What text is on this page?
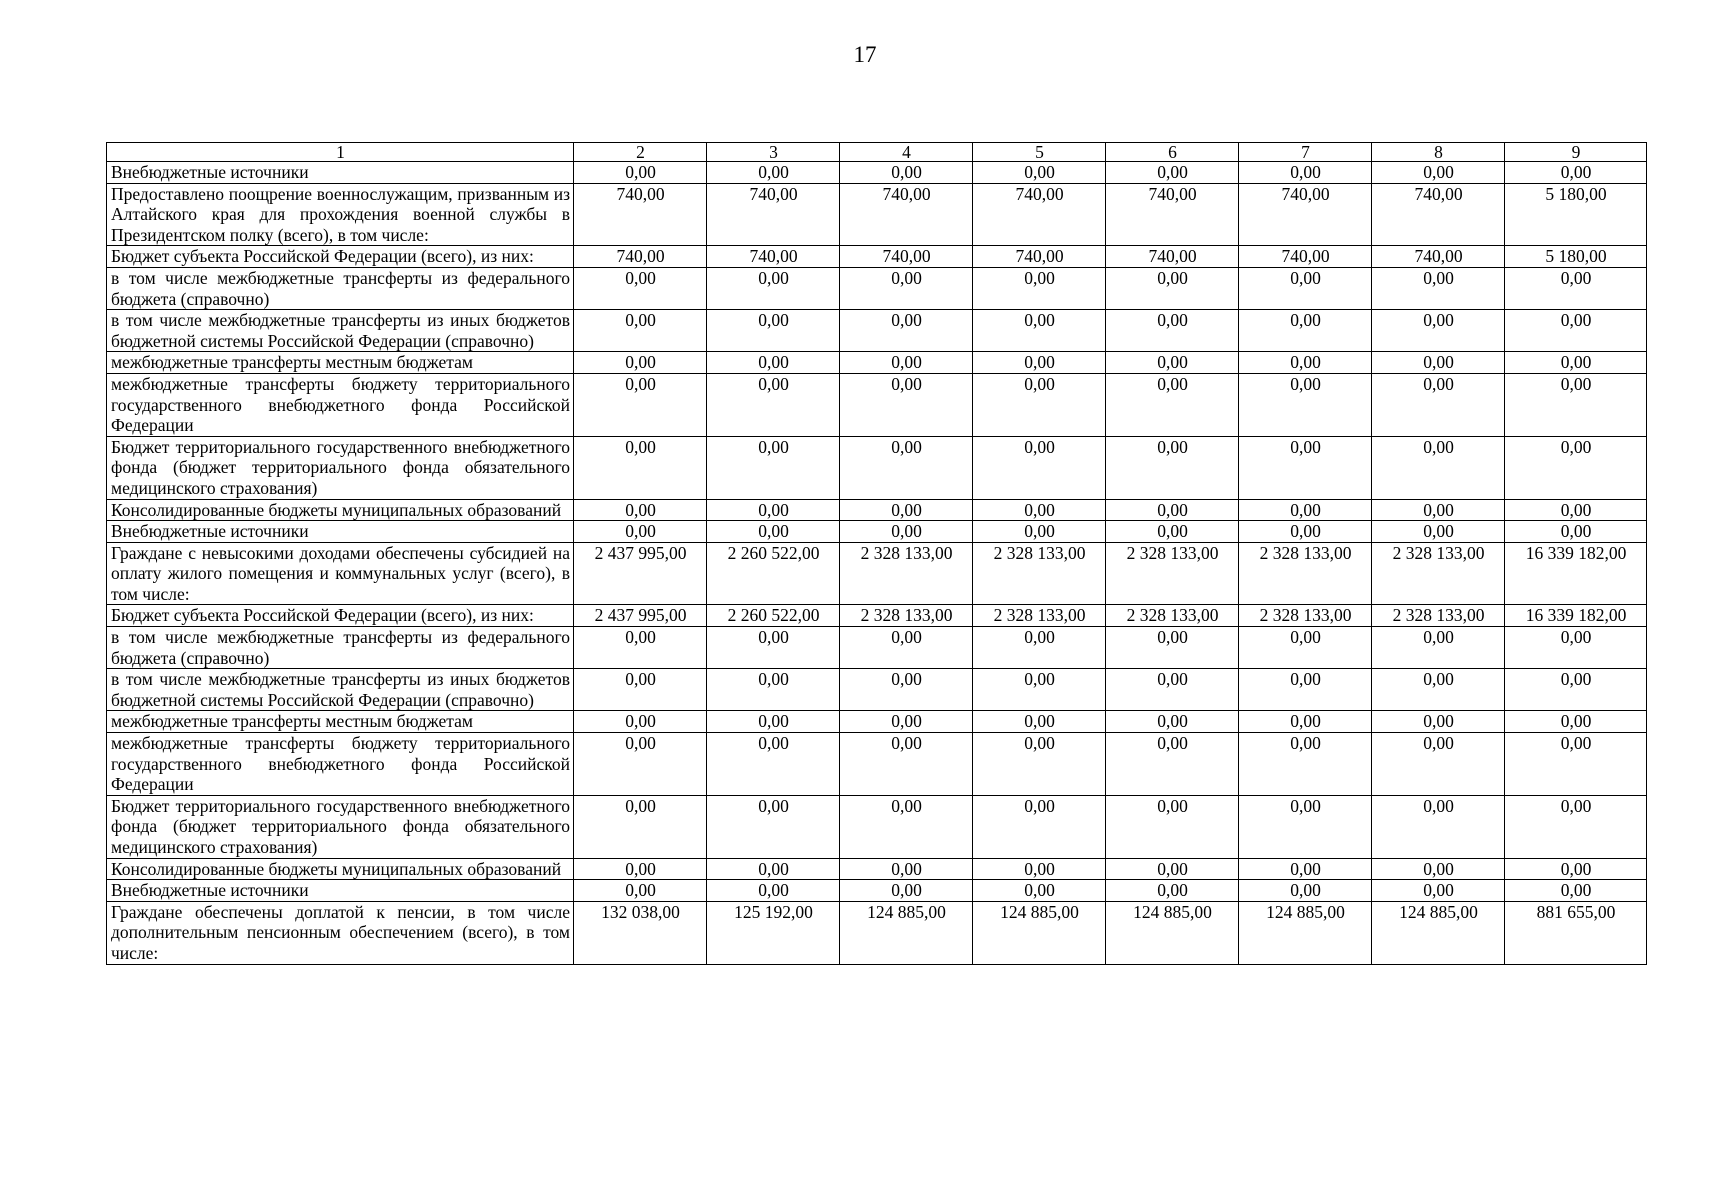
17
1	2	3	4	5	6	7	8	9
Внебюджетные источники	0,00	0,00	0,00	0,00	0,00	0,00	0,00	0,00
Предоставлено поощрение военнослужащим, призванным из Алтайского края для прохождения военной службы в Президентском полку (всего), в том числе:	740,00	740,00	740,00	740,00	740,00	740,00	740,00	5 180,00
Бюджет субъекта Российской Федерации (всего), из них:	740,00	740,00	740,00	740,00	740,00	740,00	740,00	5 180,00
в том числе межбюджетные трансферты из федерального бюджета (справочно)	0,00	0,00	0,00	0,00	0,00	0,00	0,00	0,00
в том числе межбюджетные трансферты из иных бюджетов бюджетной системы Российской Федерации (справочно)	0,00	0,00	0,00	0,00	0,00	0,00	0,00	0,00
межбюджетные трансферты местным бюджетам	0,00	0,00	0,00	0,00	0,00	0,00	0,00	0,00
межбюджетные трансферты бюджету территориального государственного внебюджетного фонда Российской Федерации	0,00	0,00	0,00	0,00	0,00	0,00	0,00	0,00
Бюджет территориального государственного внебюджетного фонда (бюджет территориального фонда обязательного медицинского страхования)	0,00	0,00	0,00	0,00	0,00	0,00	0,00	0,00
Консолидированные бюджеты муниципальных образований	0,00	0,00	0,00	0,00	0,00	0,00	0,00	0,00
Внебюджетные источники	0,00	0,00	0,00	0,00	0,00	0,00	0,00	0,00
Граждане с невысокими доходами обеспечены субсидией на оплату жилого помещения и коммунальных услуг (всего), в том числе:	2 437 995,00	2 260 522,00	2 328 133,00	2 328 133,00	2 328 133,00	2 328 133,00	2 328 133,00	16 339 182,00
Бюджет субъекта Российской Федерации (всего), из них:	2 437 995,00	2 260 522,00	2 328 133,00	2 328 133,00	2 328 133,00	2 328 133,00	2 328 133,00	16 339 182,00
в том числе межбюджетные трансферты из федерального бюджета (справочно)	0,00	0,00	0,00	0,00	0,00	0,00	0,00	0,00
в том числе межбюджетные трансферты из иных бюджетов бюджетной системы Российской Федерации (справочно)	0,00	0,00	0,00	0,00	0,00	0,00	0,00	0,00
межбюджетные трансферты местным бюджетам	0,00	0,00	0,00	0,00	0,00	0,00	0,00	0,00
межбюджетные трансферты бюджету территориального государственного внебюджетного фонда Российской Федерации	0,00	0,00	0,00	0,00	0,00	0,00	0,00	0,00
Бюджет территориального государственного внебюджетного фонда (бюджет территориального фонда обязательного медицинского страхования)	0,00	0,00	0,00	0,00	0,00	0,00	0,00	0,00
Консолидированные бюджеты муниципальных образований	0,00	0,00	0,00	0,00	0,00	0,00	0,00	0,00
Внебюджетные источники	0,00	0,00	0,00	0,00	0,00	0,00	0,00	0,00
Граждане обеспечены доплатой к пенсии, в том числе дополнительным пенсионным обеспечением (всего), в том числе:	132 038,00	125 192,00	124 885,00	124 885,00	124 885,00	124 885,00	124 885,00	881 655,00
